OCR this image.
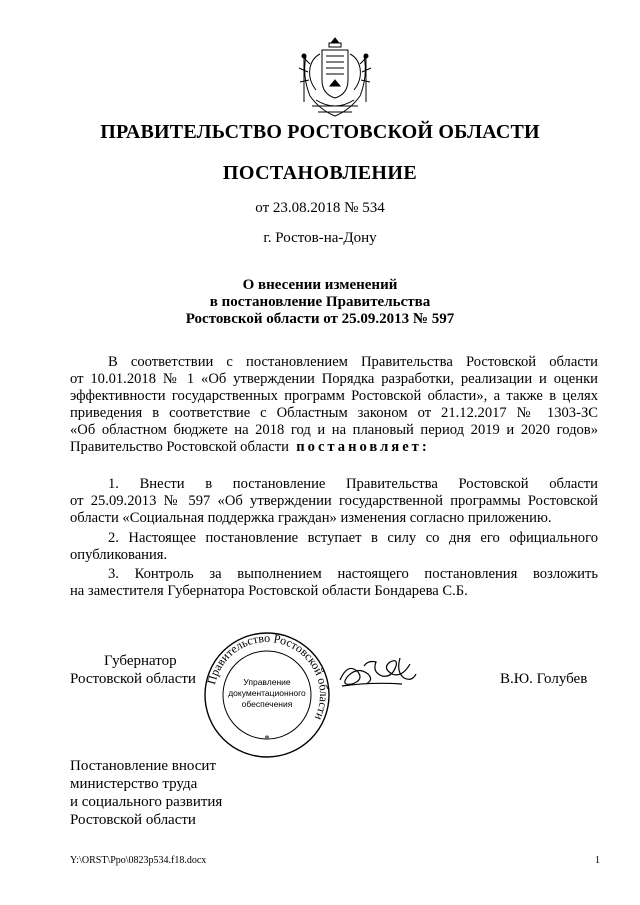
ПРАВИТЕЛЬСТВО РОСТОВСКОЙ ОБЛАСТИ
ПОСТАНОВЛЕНИЕ
от 23.08.2018 № 534
г. Ростов-на-Дону
О внесении изменений
в постановление Правительства
Ростовской области от 25.09.2013 № 597
В соответствии с постановлением Правительства Ростовской области
от 10.01.2018 № 1 «Об утверждении Порядка разработки, реализации и оценки
эффективности государственных программ Ростовской области», а также в целях
приведения в соответствие с Областным законом от 21.12.2017 № 1303-ЗС
«Об областном бюджете на 2018 год и на плановый период 2019 и 2020 годов»
Правительство Ростовской области постановляет:
1. Внести в постановление Правительства Ростовской области
от 25.09.2013 № 597 «Об утверждении государственной программы Ростовской
области «Социальная поддержка граждан» изменения согласно приложению.
2. Настоящее постановление вступает в силу со дня его официального
опубликования.
3. Контроль за выполнением настоящего постановления возложить
на заместителя Губернатора Ростовской области Бондарева С.Б.
Губернатор
Ростовской области Правительство Ростовской области
Управление
документационного
обеспечения
*
В.Ю. Голубев
Постановление вносит
министерство труда
и социального развития
Ростовской области
Y:\ORST\Ppo\0823p534.f18.docx	1
